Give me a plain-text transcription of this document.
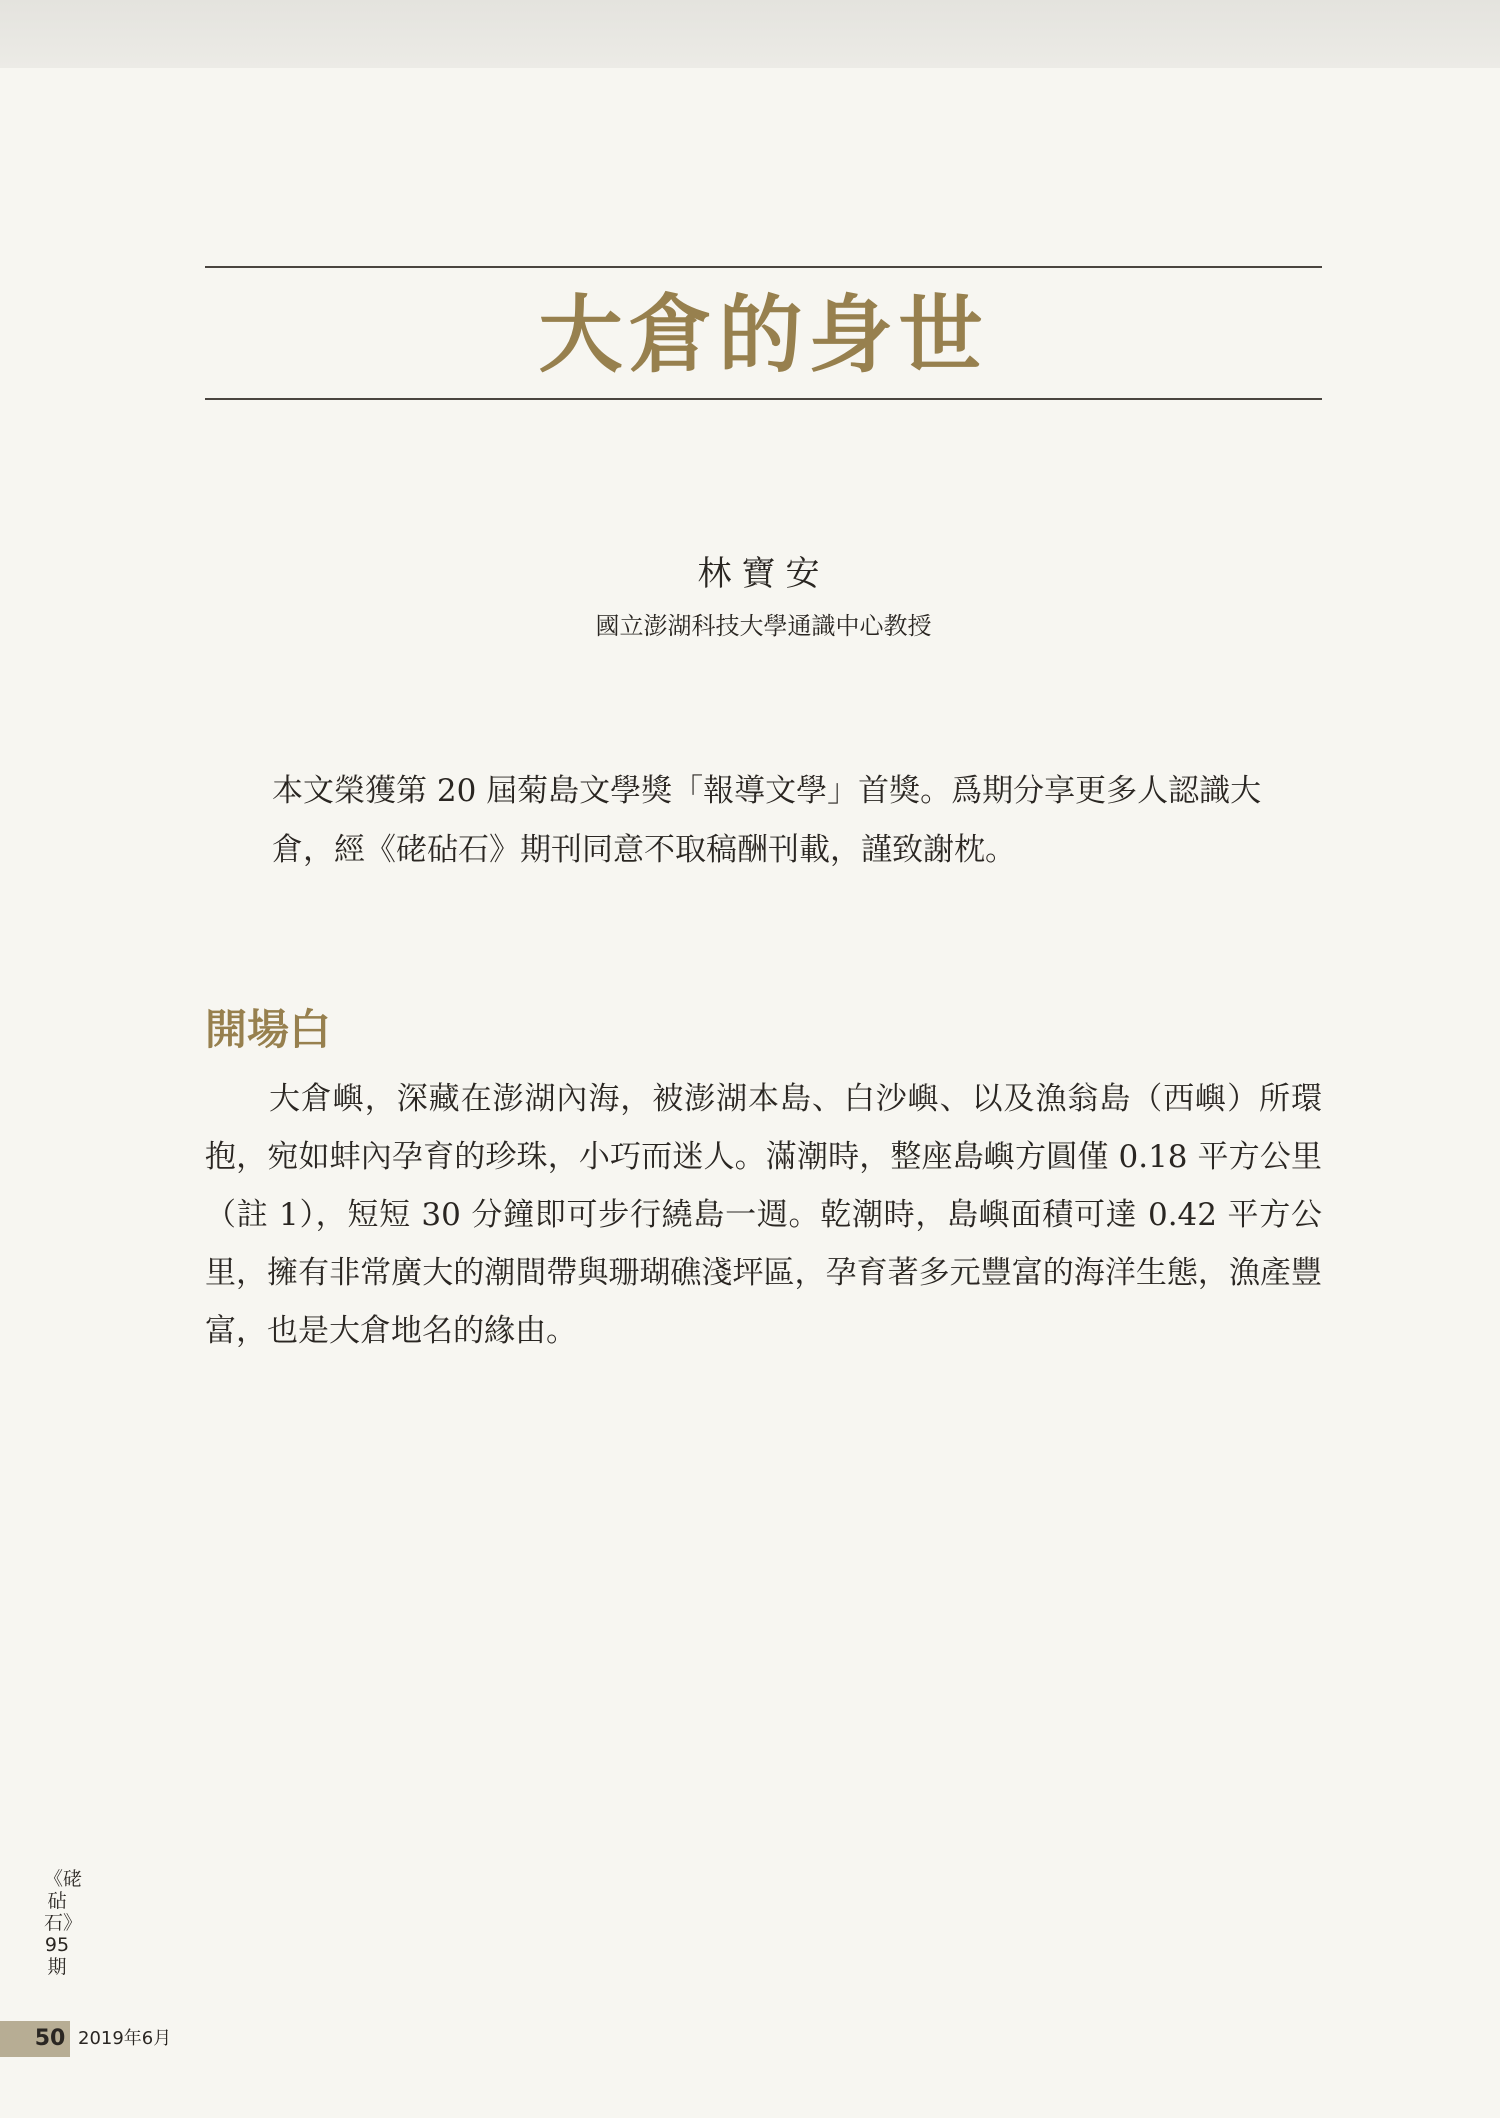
大倉的身世
林寶安
國立澎湖科技大學通識中心教授

本文榮獲第 20 屆菊島文學獎「報導文學」首獎。爲期分享更多人認識大倉，經《硓砧石》期刊同意不取稿酬刊載，謹致謝枕。

開場白

大倉嶼，深藏在澎湖內海，被澎湖本島、白沙嶼、以及漁翁島（西嶼）所環抱，宛如蚌內孕育的珍珠，小巧而迷人。滿潮時，整座島嶼方圓僅 0.18 平方公里（註 1），短短 30 分鐘即可步行繞島一週。乾潮時，島嶼面積可達 0.42 平方公里，擁有非常廣大的潮間帶與珊瑚礁淺坪區，孕育著多元豐富的海洋生態，漁產豐富，也是大倉地名的緣由。

《硓砧石》95期
50 2019年6月
